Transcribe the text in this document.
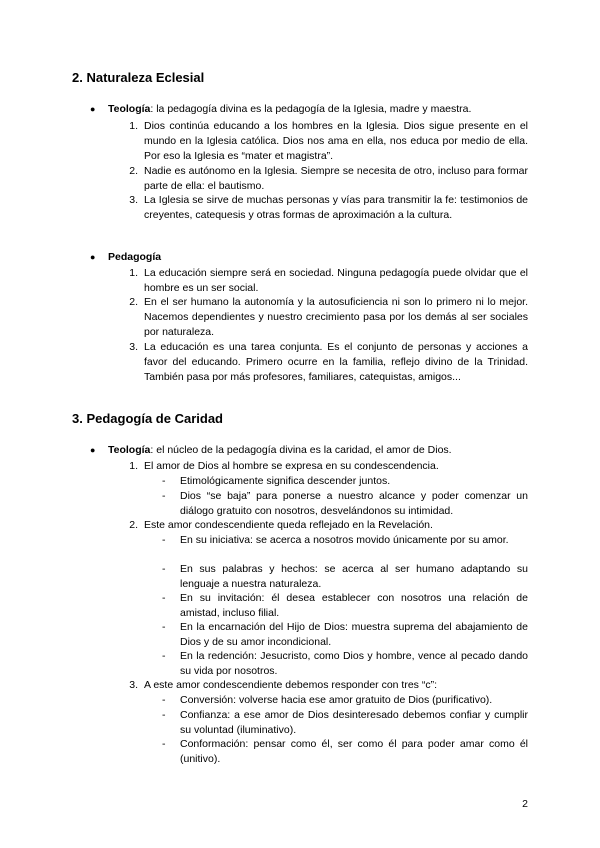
2. Naturaleza Eclesial
● Teología: la pedagogía divina es la pedagogía de la Iglesia, madre y maestra.
1. Dios continúa educando a los hombres en la Iglesia. Dios sigue presente en el mundo en la Iglesia católica. Dios nos ama en ella, nos educa por medio de ella. Por eso la Iglesia es “mater et magistra”.

2. Nadie es autónomo en la Iglesia. Siempre se necesita de otro, incluso para formar parte de ella: el bautismo.

3. La Iglesia se sirve de muchas personas y vías para transmitir la fe: testimonios de creyentes, catequesis y otras formas de aproximación a la cultura.

● Pedagogía
1. La educación siempre será en sociedad. Ninguna pedagogía puede olvidar que el hombre es un ser social.

2. En el ser humano la autonomía y la autosuficiencia ni son lo primero ni lo mejor. Nacemos dependientes y nuestro crecimiento pasa por los demás al ser sociales por naturaleza.

3. La educación es una tarea conjunta. Es el conjunto de personas y acciones a favor del educando. Primero ocurre en la familia, reflejo divino de la Trinidad. También pasa por más profesores, familiares, catequistas, amigos...

3. Pedagogía de Caridad
● Teología: el núcleo de la pedagogía divina es la caridad, el amor de Dios.
1. El amor de Dios al hombre se expresa en su condescendencia.

- Etimológicamente significa descender juntos.

- Dios “se baja” para ponerse a nuestro alcance y poder comenzar un diálogo gratuito con nosotros, desvelándonos su intimidad.

2. Este amor condescendiente queda reflejado en la Revelación.

- En su iniciativa: se acerca a nosotros movido únicamente por su amor.

- En sus palabras y hechos: se acerca al ser humano adaptando su lenguaje a nuestra naturaleza.

- En su invitación: él desea establecer con nosotros una relación de amistad, incluso filial.

- En la encarnación del Hijo de Dios: muestra suprema del abajamiento de Dios y de su amor incondicional.

- En la redención: Jesucristo, como Dios y hombre, vence al pecado dando su vida por nosotros.

3. A este amor condescendiente debemos responder con tres “c”:

- Conversión: volverse hacia ese amor gratuito de Dios (purificativo).

- Confianza: a ese amor de Dios desinteresado debemos confiar y cumplir su voluntad (iluminativo).

- Conformación: pensar como él, ser como él para poder amar como él (unitivo).

2
